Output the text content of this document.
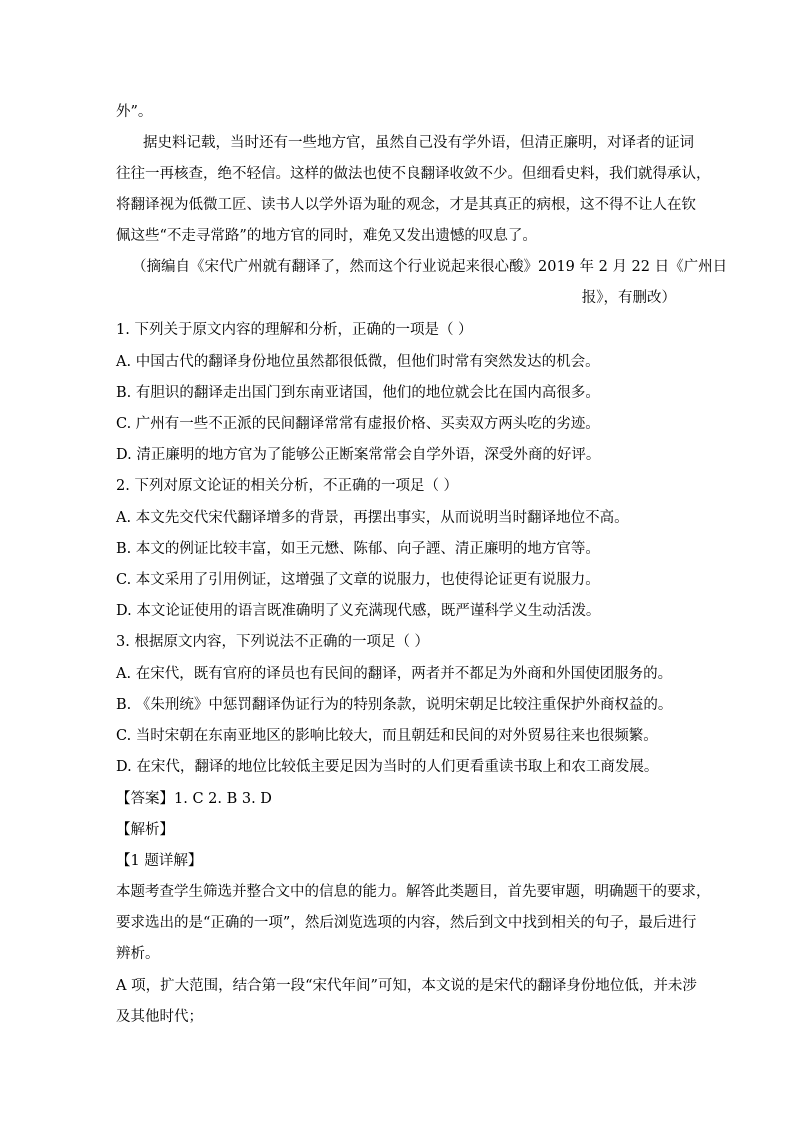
外”。
据史料记载，当时还有一些地方官，虽然自己没有学外语，但清正廉明，对译者的证词
往往一再核查，绝不轻信。这样的做法也使不良翻译收敛不少。但细看史料，我们就得承认，
将翻译视为低微工匠、读书人以学外语为耻的观念，才是其真正的病根，这不得不让人在钦
佩这些“不走寻常路”的地方官的同时，难免又发出遗憾的叹息了。
（摘编自《宋代广州就有翻译了，然而这个行业说起来很心酸》2019 年 2 月 22 日《广州日
报》，有删改）
1. 下列关于原文内容的理解和分析，正确的一项是（ ）
A. 中国古代的翻译身份地位虽然都很低微，但他们时常有突然发达的机会。
B. 有胆识的翻译走出国门到东南亚诸国，他们的地位就会比在国内高很多。
C. 广州有一些不正派的民间翻译常常有虚报价格、买卖双方两头吃的劣迹。
D. 清正廉明的地方官为了能够公正断案常常会自学外语，深受外商的好评。
2. 下列对原文论证的相关分析，不正确的一项足（ ）
A. 本文先交代宋代翻译增多的背景，再摆出事实，从而说明当时翻译地位不高。
B. 本文的例证比较丰富，如王元懋、陈郁、向子諲、清正廉明的地方官等。
C. 本文采用了引用例证，这增强了文章的说服力，也使得论证更有说服力。
D. 本文论证使用的语言既准确明了义充满现代感，既严谨科学义生动活泼。
3. 根据原文内容，下列说法不正确的一项足（ ）
A. 在宋代，既有官府的译员也有民间的翻译，两者并不都足为外商和外国使团服务的。
B. 《朱刑统》中惩罚翻译伪证行为的特别条款，说明宋朝足比较注重保护外商权益的。
C. 当时宋朝在东南亚地区的影响比较大，而且朝廷和民间的对外贸易往来也很频繁。
D. 在宋代，翻译的地位比较低主要足因为当时的人们更看重读书取上和农工商发展。
【答案】1. C 2. B 3. D
【解析】
【1 题详解】
本题考查学生筛选并整合文中的信息的能力。解答此类题目，首先要审题，明确题干的要求，
要求选出的是“正确的一项”，然后浏览选项的内容，然后到文中找到相关的句子，最后进行
辨析。
A 项，扩大范围，结合第一段“宋代年间”可知，本文说的是宋代的翻译身份地位低，并未涉
及其他时代；
